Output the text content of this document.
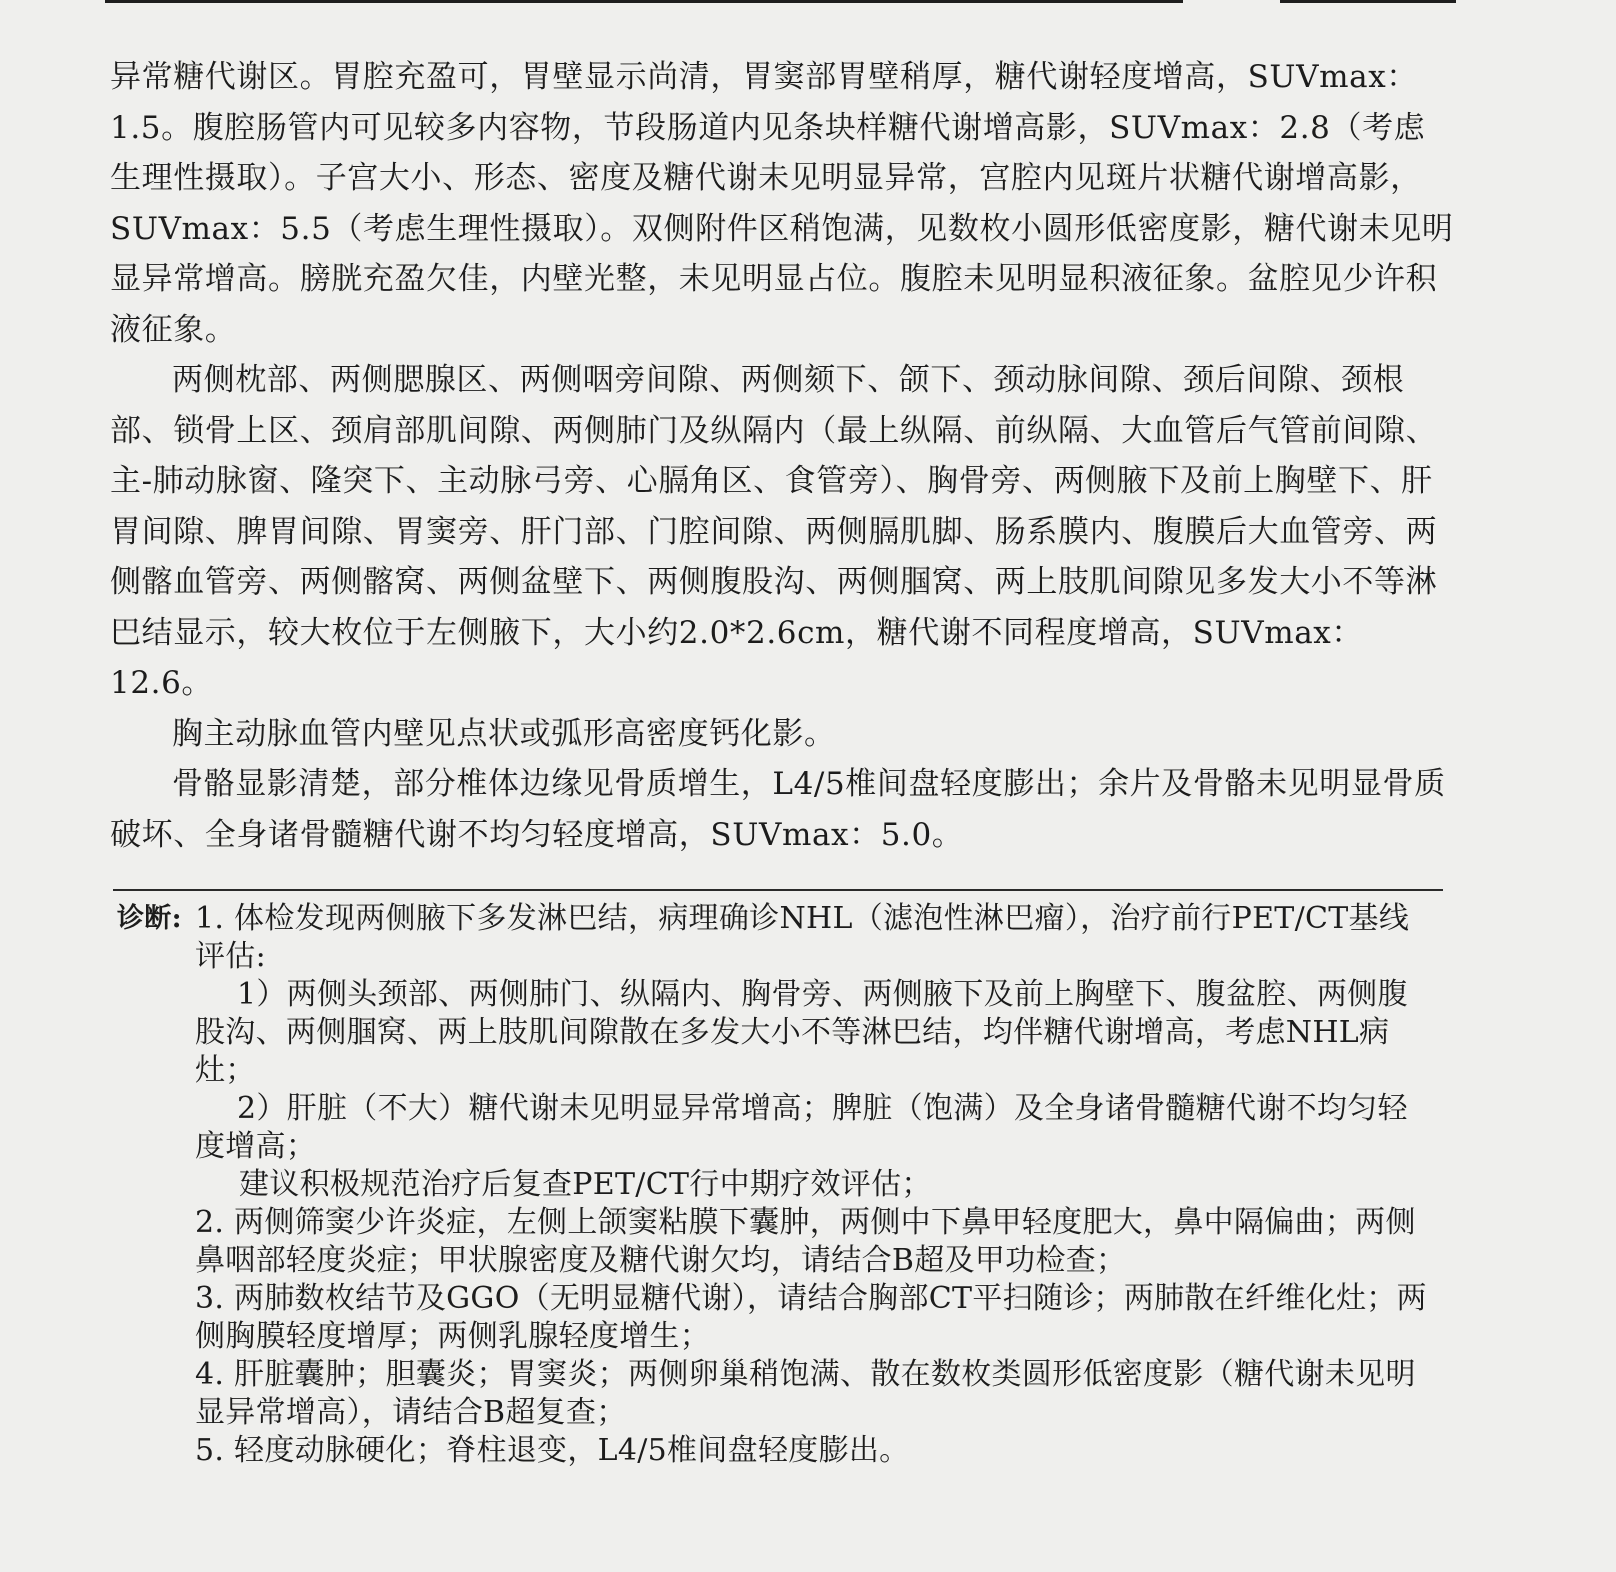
异常糖代谢区。胃腔充盈可，胃壁显示尚清，胃窦部胃壁稍厚，糖代谢轻度增高，SUVmax：1.5。腹腔肠管内可见较多内容物，节段肠道内见条块样糖代谢增高影，SUVmax：2.8（考虑生理性摄取）。子宫大小、形态、密度及糖代谢未见明显异常，宫腔内见斑片状糖代谢增高影，SUVmax：5.5（考虑生理性摄取）。双侧附件区稍饱满，见数枚小圆形低密度影，糖代谢未见明显异常增高。膀胱充盈欠佳，内壁光整，未见明显占位。腹腔未见明显积液征象。盆腔见少许积液征象。

两侧枕部、两侧腮腺区、两侧咽旁间隙、两侧颏下、颌下、颈动脉间隙、颈后间隙、颈根部、锁骨上区、颈肩部肌间隙、两侧肺门及纵隔内（最上纵隔、前纵隔、大血管后气管前间隙、主-肺动脉窗、隆突下、主动脉弓旁、心膈角区、食管旁）、胸骨旁、两侧腋下及前上胸壁下、肝胃间隙、脾胃间隙、胃窦旁、肝门部、门腔间隙、两侧膈肌脚、肠系膜内、腹膜后大血管旁、两侧髂血管旁、两侧髂窝、两侧盆壁下、两侧腹股沟、两侧腘窝、两上肢肌间隙见多发大小不等淋巴结显示，较大枚位于左侧腋下，大小约2.0*2.6cm，糖代谢不同程度增高，SUVmax：12.6。

胸主动脉血管内壁见点状或弧形高密度钙化影。

骨骼显影清楚，部分椎体边缘见骨质增生，L4/5椎间盘轻度膨出；余片及骨骼未见明显骨质破坏、全身诸骨髓糖代谢不均匀轻度增高，SUVmax：5.0。

诊断: 1. 体检发现两侧腋下多发淋巴结，病理确诊NHL（滤泡性淋巴瘤），治疗前行PET/CT基线评估:

1）两侧头颈部、两侧肺门、纵隔内、胸骨旁、两侧腋下及前上胸壁下、腹盆腔、两侧腹股沟、两侧腘窝、两上肢肌间隙散在多发大小不等淋巴结，均伴糖代谢增高，考虑NHL病灶；

2）肝脏（不大）糖代谢未见明显异常增高；脾脏（饱满）及全身诸骨髓糖代谢不均匀轻度增高；

建议积极规范治疗后复查PET/CT行中期疗效评估；

2. 两侧筛窦少许炎症，左侧上颌窦粘膜下囊肿，两侧中下鼻甲轻度肥大，鼻中隔偏曲；两侧鼻咽部轻度炎症；甲状腺密度及糖代谢欠均，请结合B超及甲功检查；

3. 两肺数枚结节及GGO（无明显糖代谢），请结合胸部CT平扫随诊；两肺散在纤维化灶；两侧胸膜轻度增厚；两侧乳腺轻度增生；

4. 肝脏囊肿；胆囊炎；胃窦炎；两侧卵巢稍饱满、散在数枚类圆形低密度影（糖代谢未见明显异常增高），请结合B超复查；

5. 轻度动脉硬化；脊柱退变，L4/5椎间盘轻度膨出。
